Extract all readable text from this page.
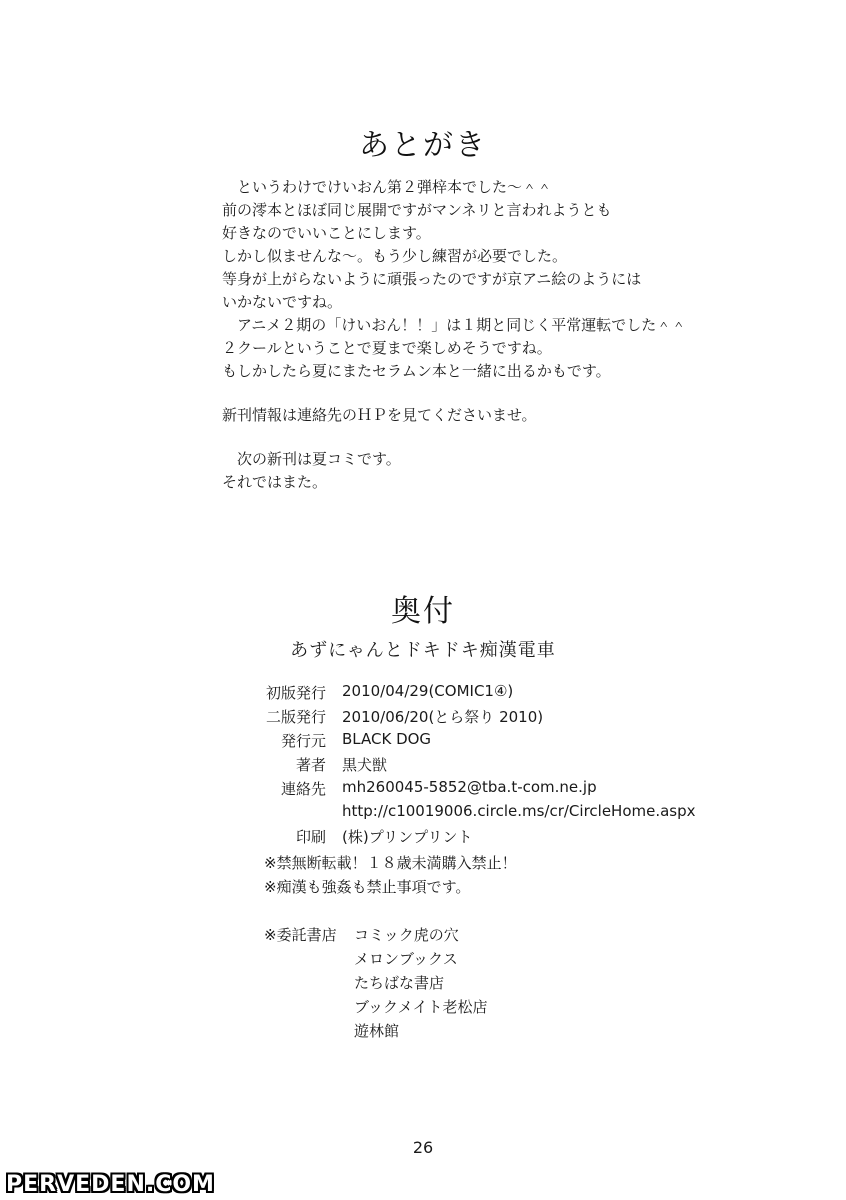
あとがき
　というわけでけいおん第２弾梓本でした～＾＾
前の澪本とほぼ同じ展開ですがマンネリと言われようとも
好きなのでいいことにします。
しかし似ませんな～。もう少し練習が必要でした。
等身が上がらないように頑張ったのですが京アニ絵のようには
いかないですね。
　アニメ２期の「けいおん！！」は１期と同じく平常運転でした＾＾
２クールということで夏まで楽しめそうですね。
もしかしたら夏にまたセラムン本と一緒に出るかもです。
新刊情報は連絡先のＨＰを見てくださいませ。
　次の新刊は夏コミです。
それではまた。
奥付
あずにゃんとドキドキ痴漢電車
初版発行 2010/04/29(COMIC1④)
二版発行 2010/06/20(とら祭り 2010)
発行元 BLACK DOG
著者 黒犬獣
連絡先 mh260045-5852@tba.t-com.ne.jp
http://c10019006.circle.ms/cr/CircleHome.aspx
印刷 (株)プリンプリント
※禁無断転載！１８歳未満購入禁止！
※痴漢も強姦も禁止事項です。
※委託書店 コミック虎の穴
メロンブックス
たちばな書店
ブックメイト老松店
遊林館
26
PERVEDEN.COM
